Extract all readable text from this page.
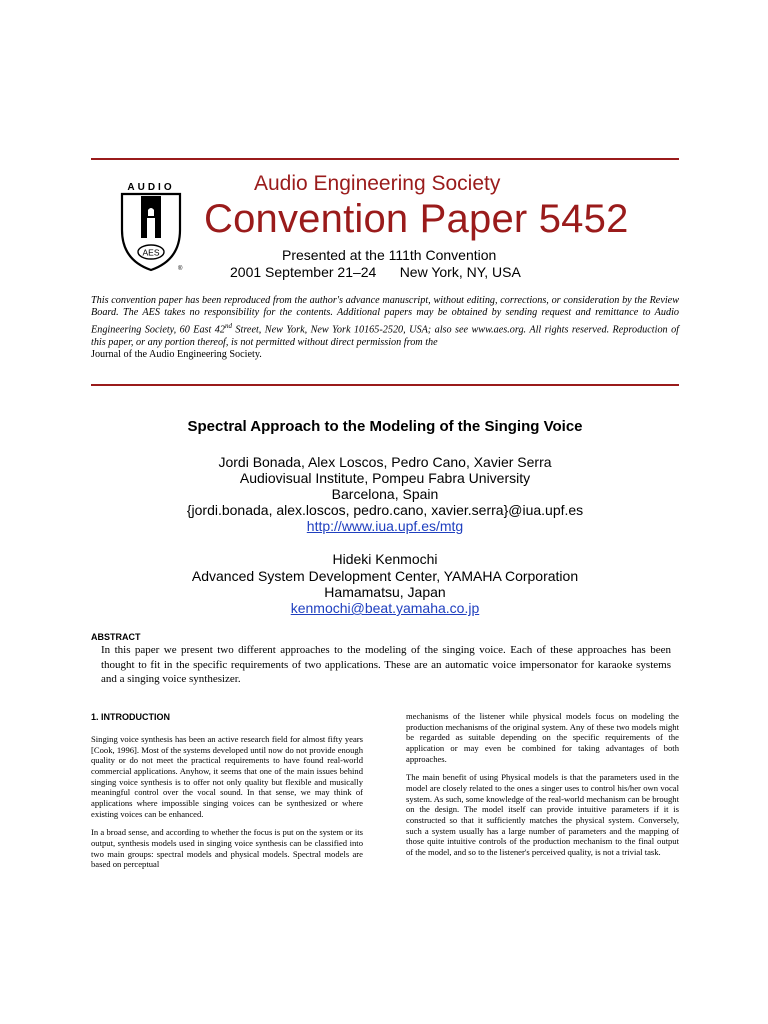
AUDIO
AES
®
Audio Engineering Society
Convention Paper 5452
Presented at the 111th Convention
2001 September 21–24 New York, NY, USA
This convention paper has been reproduced from the author's advance manuscript, without editing, corrections, or consideration by the Review Board. The AES takes no responsibility for the contents. Additional papers may be obtained by sending request and remittance to Audio Engineering Society, 60 East 42nd Street, New York, New York 10165-2520, USA; also see www.aes.org. All rights reserved. Reproduction of this paper, or any portion thereof, is not permitted without direct permission from the
Journal of the Audio Engineering Society.
Spectral Approach to the Modeling of the Singing Voice
Jordi Bonada, Alex Loscos, Pedro Cano, Xavier Serra
Audiovisual Institute, Pompeu Fabra University
Barcelona, Spain
{jordi.bonada, alex.loscos, pedro.cano, xavier.serra}@iua.upf.es
http://www.iua.upf.es/mtg
Hideki Kenmochi
Advanced System Development Center, YAMAHA Corporation
Hamamatsu, Japan
kenmochi@beat.yamaha.co.jp
ABSTRACT
In this paper we present two different approaches to the modeling of the singing voice. Each of these approaches has been thought to fit in the specific requirements of two applications. These are an automatic voice impersonator for karaoke systems and a singing voice synthesizer.
1. INTRODUCTION

Singing voice synthesis has been an active research field for almost fifty years [Cook, 1996]. Most of the systems developed until now do not provide enough quality or do not meet the practical requirements to have found real-world commercial applications. Anyhow, it seems that one of the main issues behind singing voice synthesis is to offer not only quality but flexible and musically meaningful control over the vocal sound. In that sense, we may think of applications where impossible singing voices can be synthesized or where existing voices can be enhanced.

In a broad sense, and according to whether the focus is put on the system or its output, synthesis models used in singing voice synthesis can be classified into two main groups: spectral models and physical models. Spectral models are based on perceptual

mechanisms of the listener while physical models focus on modeling the production mechanisms of the original system. Any of these two models might be regarded as suitable depending on the specific requirements of the application or may even be combined for taking advantages of both approaches.

The main benefit of using Physical models is that the parameters used in the model are closely related to the ones a singer uses to control his/her own vocal system. As such, some knowledge of the real-world mechanism can be brought on the design. The model itself can provide intuitive parameters if it is constructed so that it sufficiently matches the physical system. Conversely, such a system usually has a large number of parameters and the mapping of those quite intuitive controls of the production mechanism to the final output of the model, and so to the listener's perceived quality, is not a trivial task.
